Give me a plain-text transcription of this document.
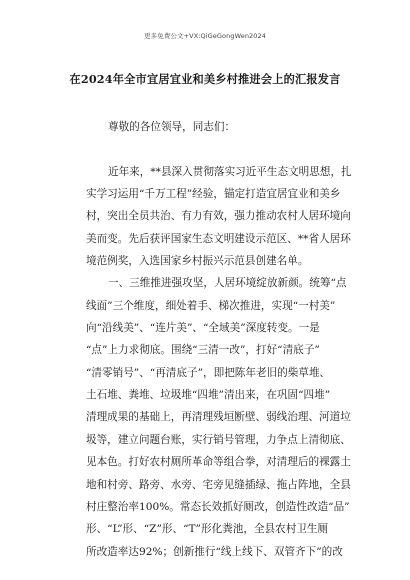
更多免费公文+VX:QiGeGongWen2024
在2024年全市宜居宜业和美乡村推进会上的汇报发言
尊敬的各位领导，同志们：
近年来，**县深入贯彻落实习近平生态文明思想，扎
实学习运用“千万工程”经验，锚定打造宜居宜业和美乡
村，突出全员共治、有力有效，强力推动农村人居环境向
美而变。先后获评国家生态文明建设示范区、**省人居环
境范例奖，入选国家乡村振兴示范县创建名单。
一、三维推进强攻坚，人居环境绽放新颜。统筹“点
线面”三个维度，细处着手、梯次推进，实现“一村美”
向“沿线美”、“连片美”、“全域美”深度转变。一是
“点”上力求彻底。围绕“三清一改”，打好“清底子”
“清零销号”、“再清底子”，即把陈年老旧的柴草堆、
土石堆、粪堆、垃圾堆“四堆”清出来，在巩固“四堆”
清理成果的基础上，再清理残垣断壁、弱线治理、河道垃
圾等，建立问题台账，实行销号管理，力争点上清彻底、
见本色。打好农村厕所革命等组合拳，对清理后的裸露土
地和村旁、路旁、水旁、宅旁见缝插绿、拖占阵地，全县
村庄整治率100%。常态长效抓好厕改，创造性改造“品”
形、“L”形、“Z”形、“T”形化粪池，全县农村卫生厕
所改造率达92%；创新推行“线上线下、双管齐下”的改
